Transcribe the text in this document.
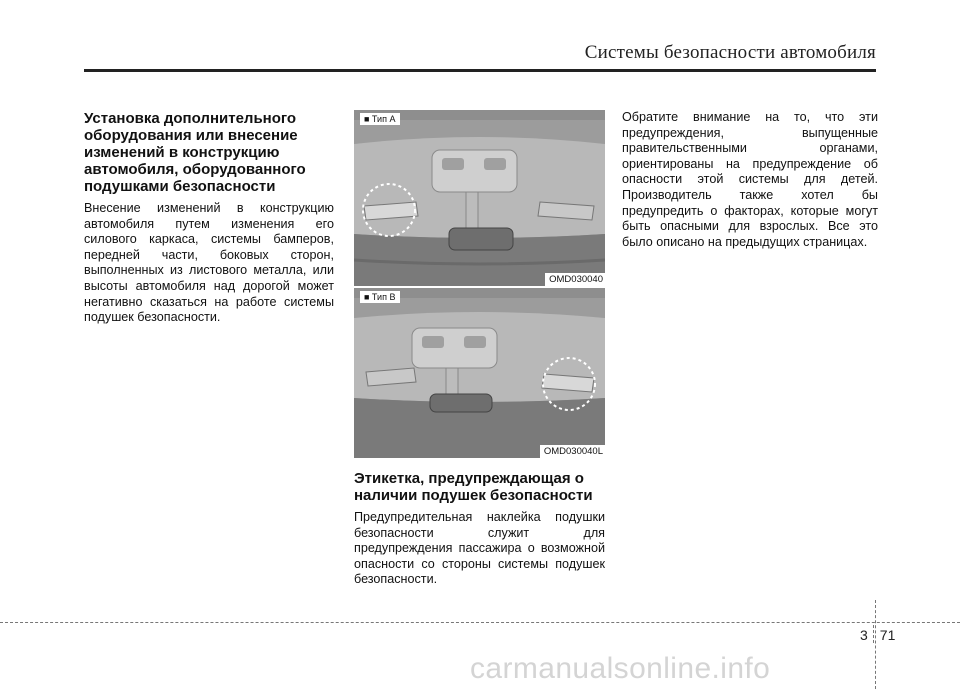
Системы безопасности автомобиля
Установка дополнительного оборудования или внесение изменений в конструкцию автомобиля, оборудованного подушками безопасности

Внесение изменений в конструкцию автомобиля путем изменения его силового каркаса, системы бамперов, передней части, боковых сторон, выполненных из листового металла, или высоты автомобиля над дорогой может негативно сказаться на работе системы подушек безопасности.

■ Тип A
OMD030040
■ Тип B
OMD030040L
Этикетка, предупреждающая о наличии подушек безопасности

Предупредительная наклейка подушки безопасности служит для предупреждения пассажира о возможной опасности со стороны системы подушек безопасности.

Обратите внимание на то, что эти предупреждения, выпущенные правительственными органами, ориентированы на предупреждение об опасности этой системы для детей. Производитель также хотел бы предупредить о факторах, которые могут быть опасными для взрослых. Все это было описано на предыдущих страницах.

3 71
carmanualsonline.info
